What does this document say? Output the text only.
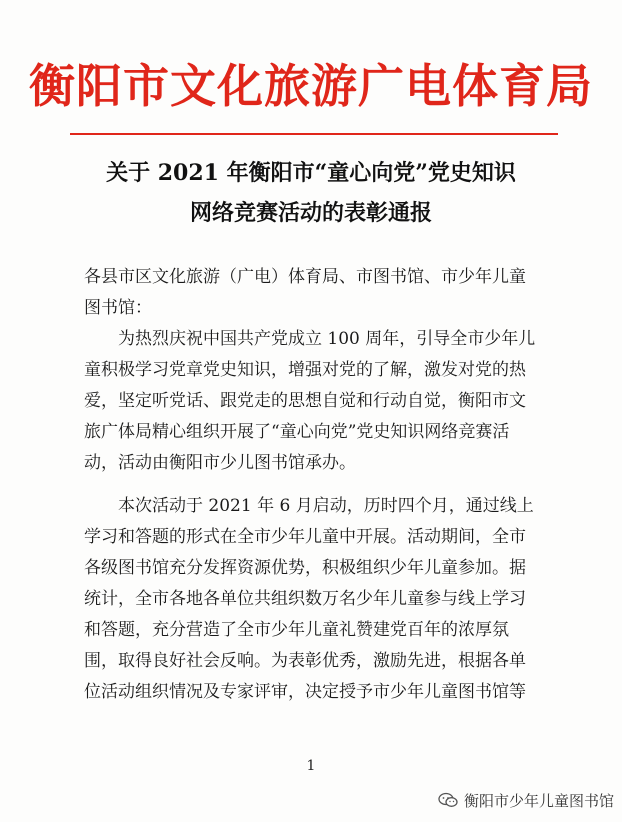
衡阳市文化旅游广电体育局
关于 2021 年衡阳市“童心向党”党史知识
网络竞赛活动的表彰通报
各县市区文化旅游（广电）体育局、市图书馆、市少年儿童
图书馆：
　　为热烈庆祝中国共产党成立 100 周年，引导全市少年儿
童积极学习党章党史知识，增强对党的了解，激发对党的热
爱，坚定听党话、跟党走的思想自觉和行动自觉，衡阳市文
旅广体局精心组织开展了“童心向党”党史知识网络竞赛活
动，活动由衡阳市少儿图书馆承办。
　　本次活动于 2021 年 6 月启动，历时四个月，通过线上
学习和答题的形式在全市少年儿童中开展。活动期间，全市
各级图书馆充分发挥资源优势，积极组织少年儿童参加。据
统计，全市各地各单位共组织数万名少年儿童参与线上学习
和答题，充分营造了全市少年儿童礼赞建党百年的浓厚氛
围，取得良好社会反响。为表彰优秀，激励先进，根据各单
位活动组织情况及专家评审，决定授予市少年儿童图书馆等
1
衡阳市少年儿童图书馆
